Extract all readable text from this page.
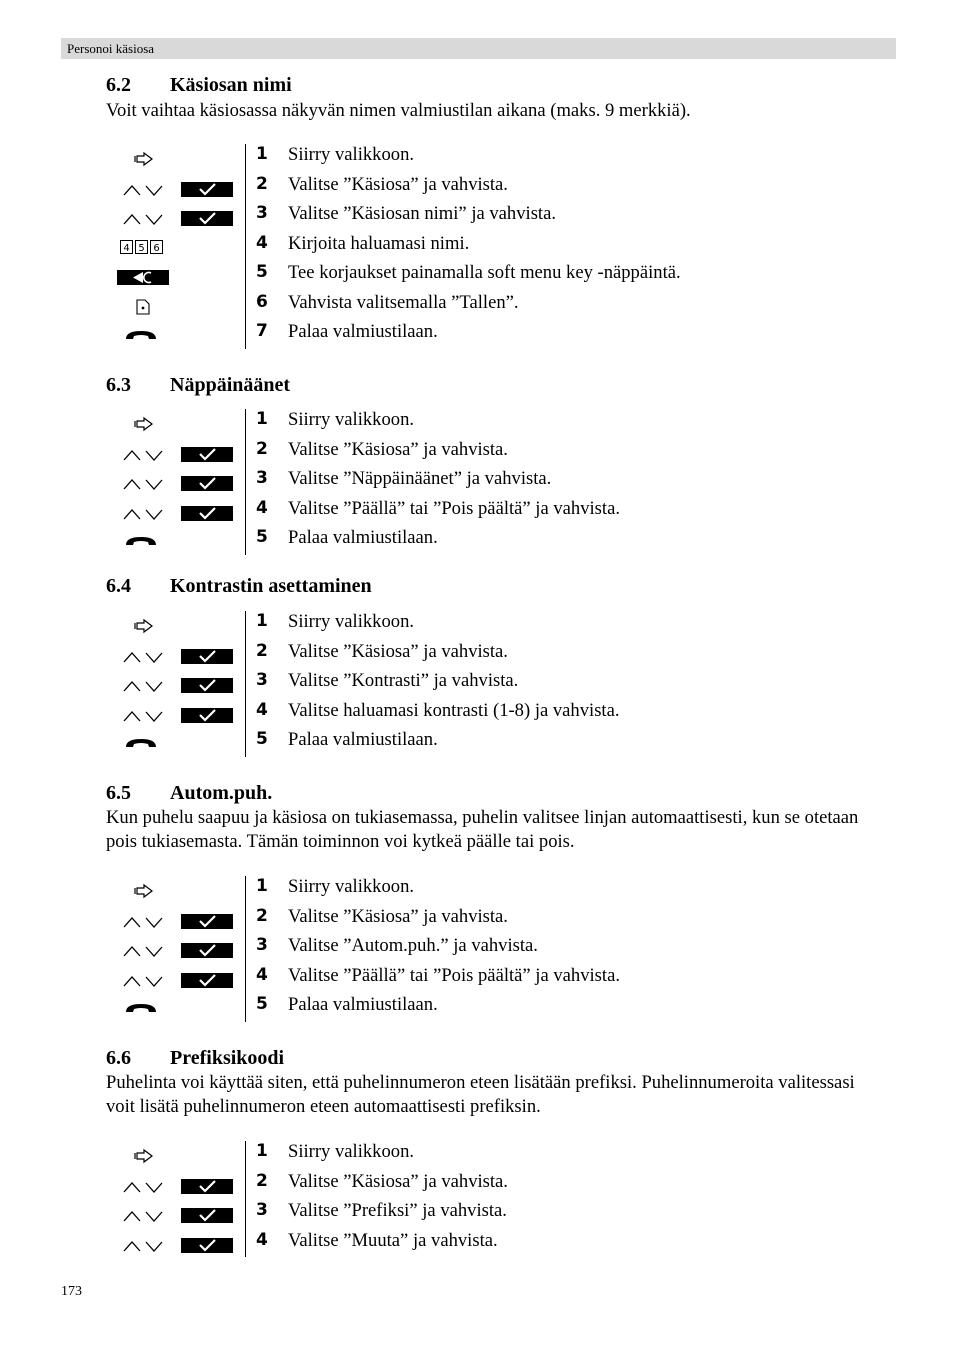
Personoi käsiosa
6.2 Käsiosan nimi
Voit vaihtaa käsiosassa näkyvän nimen valmiustilan aikana (maks. 9 merkkiä).
1 Siirry valikkoon.
2 Valitse ”Käsiosa” ja vahvista.
3 Valitse ”Käsiosan nimi” ja vahvista.
4 5 6	4 Kirjoita haluamasi nimi.
5 Tee korjaukset painamalla soft menu key -näppäintä.
6 Vahvista valitsemalla ”Tallen”.
7 Palaa valmiustilaan.
6.3 Näppäinäänet
1 Siirry valikkoon.
2 Valitse ”Käsiosa” ja vahvista.
3 Valitse ”Näppäinäänet” ja vahvista.
4 Valitse ”Päällä” tai ”Pois päältä” ja vahvista.
5 Palaa valmiustilaan.
6.4 Kontrastin asettaminen
1 Siirry valikkoon.
2 Valitse ”Käsiosa” ja vahvista.
3 Valitse ”Kontrasti” ja vahvista.
4 Valitse haluamasi kontrasti (1-8) ja vahvista.
5 Palaa valmiustilaan.
6.5 Autom.puh.
Kun puhelu saapuu ja käsiosa on tukiasemassa, puhelin valitsee linjan automaattisesti, kun se otetaan pois tukiasemasta. Tämän toiminnon voi kytkeä päälle tai pois.
1 Siirry valikkoon.
2 Valitse ”Käsiosa” ja vahvista.
3 Valitse ”Autom.puh.” ja vahvista.
4 Valitse ”Päällä” tai ”Pois päältä” ja vahvista.
5 Palaa valmiustilaan.
6.6 Prefiksikoodi
Puhelinta voi käyttää siten, että puhelinnumeron eteen lisätään prefiksi. Puhelinnumeroita valitessasi voit lisätä puhelinnumeron eteen automaattisesti prefiksin.
1 Siirry valikkoon.
2 Valitse ”Käsiosa” ja vahvista.
3 Valitse ”Prefiksi” ja vahvista.
4 Valitse ”Muuta” ja vahvista.
173
